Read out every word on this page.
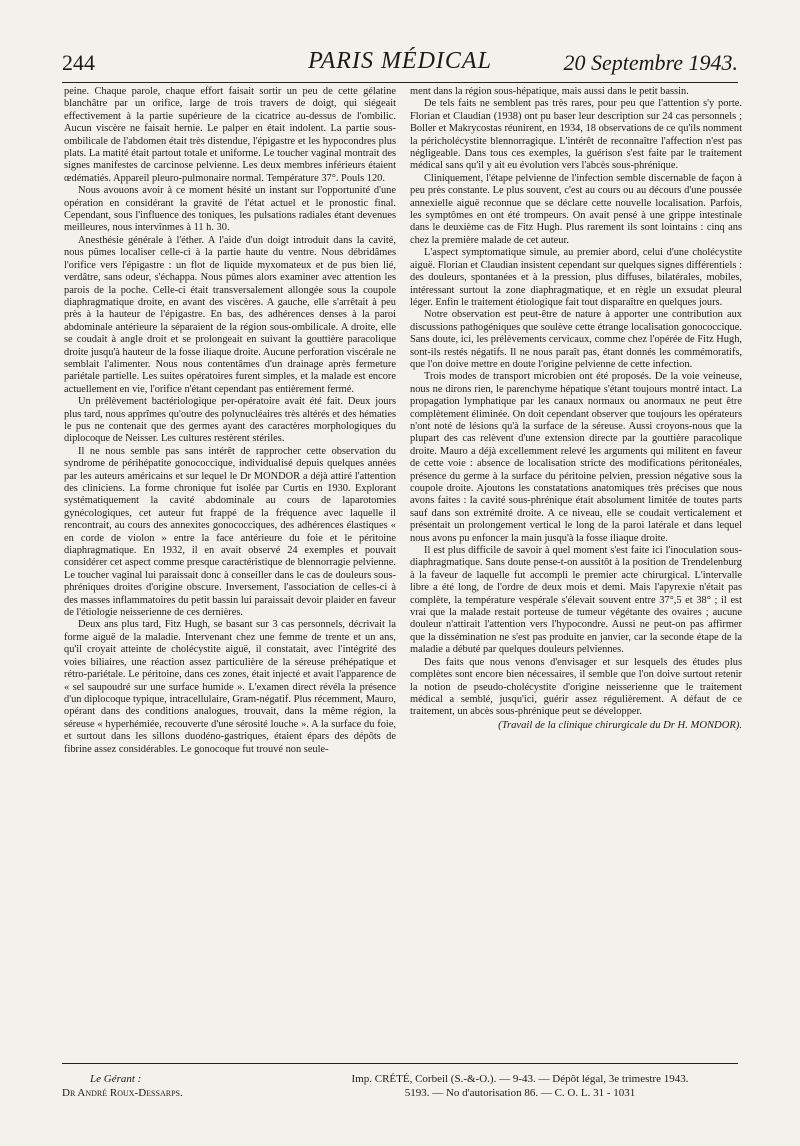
244	PARIS MÉDICAL	20 Septembre 1943.

peine. Chaque parole, chaque effort faisait sortir un peu de cette gélatine blanchâtre par un orifice, large de trois travers de doigt, qui siégeait effectivement à la partie supérieure de la cicatrice au-dessus de l'ombilic. Aucun viscère ne faisait hernie. Le palper en était indolent. La partie sous-ombilicale de l'abdomen était très distendue, l'épigastre et les hypocondres plus plats. La matité était partout totale et uniforme. Le toucher vaginal montrait des signes manifestes de carcinose pelvienne. Les deux membres inférieurs étaient œdématiés. Appareil pleuro-pulmonaire normal. Température 37°. Pouls 120.

Nous avouons avoir à ce moment hésité un instant sur l'opportunité d'une opération en considérant la gravité de l'état actuel et le pronostic final. Cependant, sous l'influence des toniques, les pulsations radiales étant devenues meilleures, nous intervînmes à 11 h. 30.

Anesthésie générale à l'éther. A l'aide d'un doigt introduit dans la cavité, nous pûmes localiser celle-ci à la partie haute du ventre. Nous débridâmes l'orifice vers l'épigastre : un flot de liquide myxomateux et de pus bien lié, verdâtre, sans odeur, s'échappa. Nous pûmes alors examiner avec attention les parois de la poche. Celle-ci était transversalement allongée sous la coupole diaphragmatique droite, en avant des viscères. A gauche, elle s'arrêtait à peu près à la hauteur de l'épigastre. En bas, des adhérences denses à la paroi abdominale antérieure la séparaient de la région sous-ombilicale. A droite, elle se coudait à angle droit et se prolongeait en suivant la gouttière paracolique droite jusqu'à hauteur de la fosse iliaque droite. Aucune perforation viscérale ne semblait l'alimenter. Nous nous contentâmes d'un drainage après fermeture pariétale partielle. Les suites opératoires furent simples, et la malade est encore actuellement en vie, l'orifice n'étant cependant pas entièrement fermé.

Un prélèvement bactériologique per-opératoire avait été fait. Deux jours plus tard, nous apprîmes qu'outre des polynucléaires très altérés et des hématies le pus ne contenait que des germes ayant des caractères morphologiques du diplocoque de Neisser. Les cultures restèrent stériles.

Il ne nous semble pas sans intérêt de rapprocher cette observation du syndrome de périhépatite gonococcique, individualisé depuis quelques années par les auteurs américains et sur lequel le Dr MONDOR a déjà attiré l'attention des cliniciens. La forme chronique fut isolée par Curtis en 1930. Explorant systématiquement la cavité abdominale au cours de laparotomies gynécologiques, cet auteur fut frappé de la fréquence avec laquelle il rencontrait, au cours des annexites gonococciques, des adhérences élastiques « en corde de violon » entre la face antérieure du foie et le péritoine diaphragmatique. En 1932, il en avait observé 24 exemples et pouvait considérer cet aspect comme presque caractéristique de blennorragie pelvienne. Le toucher vaginal lui paraissait donc à conseiller dans le cas de douleurs sous-phréniques droites d'origine obscure. Inversement, l'association de celles-ci à des masses inflammatoires du petit bassin lui paraissait devoir plaider en faveur de l'étiologie neisserienne de ces dernières.

Deux ans plus tard, Fitz Hugh, se basant sur 3 cas personnels, décrivait la forme aiguë de la maladie. Intervenant chez une femme de trente et un ans, qu'il croyait atteinte de cholécystite aiguë, il constatait, avec l'intégrité des voies biliaires, une réaction assez particulière de la séreuse préhépatique et rétro-pariétale. Le péritoine, dans ces zones, était injecté et avait l'apparence de « sel saupoudré sur une surface humide ». L'examen direct révéla la présence d'un diplocoque typique, intracellulaire, Gram-négatif. Plus récemment, Mauro, opérant dans des conditions analogues, trouvait, dans la même région, la séreuse « hyperhémiée, recouverte d'une sérosité louche ». A la surface du foie, et surtout dans les sillons duodéno-gastriques, étaient épars des dépôts de fibrine assez considérables. Le gonocoque fut trouvé non seule-

ment dans la région sous-hépatique, mais aussi dans le petit bassin.

De tels faits ne semblent pas très rares, pour peu que l'attention s'y porte. Florian et Claudian (1938) ont pu baser leur description sur 24 cas personnels ; Boller et Makrycostas réunirent, en 1934, 18 observations de ce qu'ils nomment la péricholécystite blennorragique. L'intérêt de reconnaître l'affection n'est pas négligeable. Dans tous ces exemples, la guérison s'est faite par le traitement médical sans qu'il y ait eu évolution vers l'abcès sous-phrénique.

Cliniquement, l'étape pelvienne de l'infection semble discernable de façon à peu près constante. Le plus souvent, c'est au cours ou au décours d'une poussée annexielle aiguë reconnue que se déclare cette nouvelle localisation. Parfois, les symptômes en ont été trompeurs. On avait pensé à une grippe intestinale dans le deuxième cas de Fitz Hugh. Plus rarement ils sont lointains : cinq ans chez la première malade de cet auteur.

L'aspect symptomatique simule, au premier abord, celui d'une cholécystite aiguë. Florian et Claudian insistent cependant sur quelques signes différentiels : des douleurs, spontanées et à la pression, plus diffuses, bilatérales, mobiles, intéressant surtout la zone diaphragmatique, et en règle un exsudat pleural léger. Enfin le traitement étiologique fait tout disparaître en quelques jours.

Notre observation est peut-être de nature à apporter une contribution aux discussions pathogéniques que soulève cette étrange localisation gonococcique. Sans doute, ici, les prélèvements cervicaux, comme chez l'opérée de Fitz Hugh, sont-ils restés négatifs. Il ne nous paraît pas, étant donnés les commémoratifs, que l'on doive mettre en doute l'origine pelvienne de cette infection.

Trois modes de transport microbien ont été proposés. De la voie veineuse, nous ne dirons rien, le parenchyme hépatique s'étant toujours montré intact. La propagation lymphatique par les canaux normaux ou anormaux ne peut être complètement éliminée. On doit cependant observer que toujours les opérateurs n'ont noté de lésions qu'à la surface de la séreuse. Aussi croyons-nous que la plupart des cas relèvent d'une extension directe par la gouttière paracolique droite. Mauro a déjà excellemment relevé les arguments qui militent en faveur de cette voie : absence de localisation stricte des modifications péritonéales, présence du germe à la surface du péritoine pelvien, pression négative sous la coupole droite. Ajoutons les constatations anatomiques très précises que nous avons faites : la cavité sous-phrénique était absolument limitée de toutes parts sauf dans son extrémité droite. A ce niveau, elle se coudait verticalement et présentait un prolongement vertical le long de la paroi latérale et dans lequel nous avons pu enfoncer la main jusqu'à la fosse iliaque droite.

Il est plus difficile de savoir à quel moment s'est faite ici l'inoculation sous-diaphragmatique. Sans doute pense-t-on aussitôt à la position de Trendelenburg à la faveur de laquelle fut accompli le premier acte chirurgical. L'intervalle libre a été long, de l'ordre de deux mois et demi. Mais l'apyrexie n'était pas complète, la température vespérale s'élevait souvent entre 37°,5 et 38° ; il est vrai que la malade restait porteuse de tumeur végétante des ovaires ; aucune douleur n'attirait l'attention vers l'hypocondre. Aussi ne peut-on pas affirmer que la dissémination ne s'est pas produite en janvier, car la seconde étape de la maladie a débuté par quelques douleurs pelviennes.

Des faits que nous venons d'envisager et sur lesquels des études plus complètes sont encore bien nécessaires, il semble que l'on doive surtout retenir la notion de pseudo-cholécystite d'origine neisserienne que le traitement médical a semblé, jusqu'ici, guérir assez régulièrement. A défaut de ce traitement, un abcès sous-phrénique peut se développer.

(Travail de la clinique chirurgicale du Dr H. MONDOR).
Le Gérant :
Dr André Roux-Dessarps.
Imp. CRÉTÉ, Corbeil (S.-&-O.). — 9-43. — Dépôt légal, 3e trimestre 1943.
5193. — No d'autorisation 86. — C. O. L. 31 - 1031
